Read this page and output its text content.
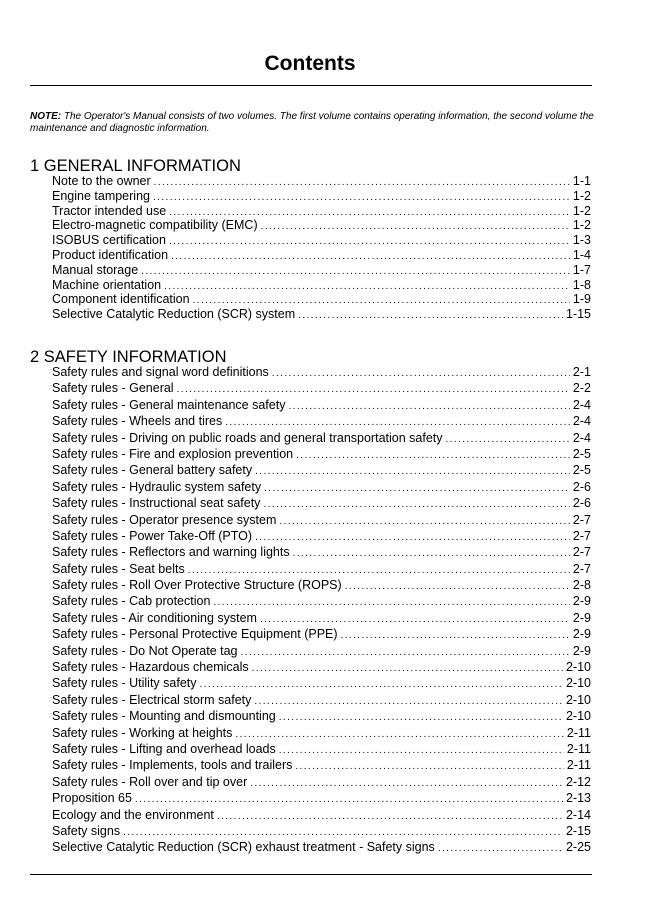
Contents
NOTE: The Operator's Manual consists of two volumes. The first volume contains operating information, the second volume the maintenance and diagnostic information.
1 GENERAL INFORMATION
Note to the owner .....	1-1
Engine tampering .....	1-2
Tractor intended use .....	1-2
Electro-magnetic compatibility (EMC) .....	1-2
ISOBUS certification .....	1-3
Product identification .....	1-4
Manual storage .....	1-7
Machine orientation .....	1-8
Component identification .....	1-9
Selective Catalytic Reduction (SCR) system .....	1-15
2 SAFETY INFORMATION
Safety rules and signal word definitions .....	2-1
Safety rules - General .....	2-2
Safety rules - General maintenance safety .....	2-4
Safety rules - Wheels and tires .....	2-4
Safety rules - Driving on public roads and general transportation safety .....	2-4
Safety rules - Fire and explosion prevention .....	2-5
Safety rules - General battery safety .....	2-5
Safety rules - Hydraulic system safety .....	2-6
Safety rules - Instructional seat safety .....	2-6
Safety rules - Operator presence system .....	2-7
Safety rules - Power Take-Off (PTO) .....	2-7
Safety rules - Reflectors and warning lights .....	2-7
Safety rules - Seat belts .....	2-7
Safety rules - Roll Over Protective Structure (ROPS) .....	2-8
Safety rules - Cab protection .....	2-9
Safety rules - Air conditioning system .....	2-9
Safety rules - Personal Protective Equipment (PPE) .....	2-9
Safety rules - Do Not Operate tag .....	2-9
Safety rules - Hazardous chemicals .....	2-10
Safety rules - Utility safety .....	2-10
Safety rules - Electrical storm safety .....	2-10
Safety rules - Mounting and dismounting .....	2-10
Safety rules - Working at heights .....	2-11
Safety rules - Lifting and overhead loads .....	2-11
Safety rules - Implements, tools and trailers .....	2-11
Safety rules - Roll over and tip over .....	2-12
Proposition 65 .....	2-13
Ecology and the environment .....	2-14
Safety signs .....	2-15
Selective Catalytic Reduction (SCR) exhaust treatment - Safety signs .....	2-25
